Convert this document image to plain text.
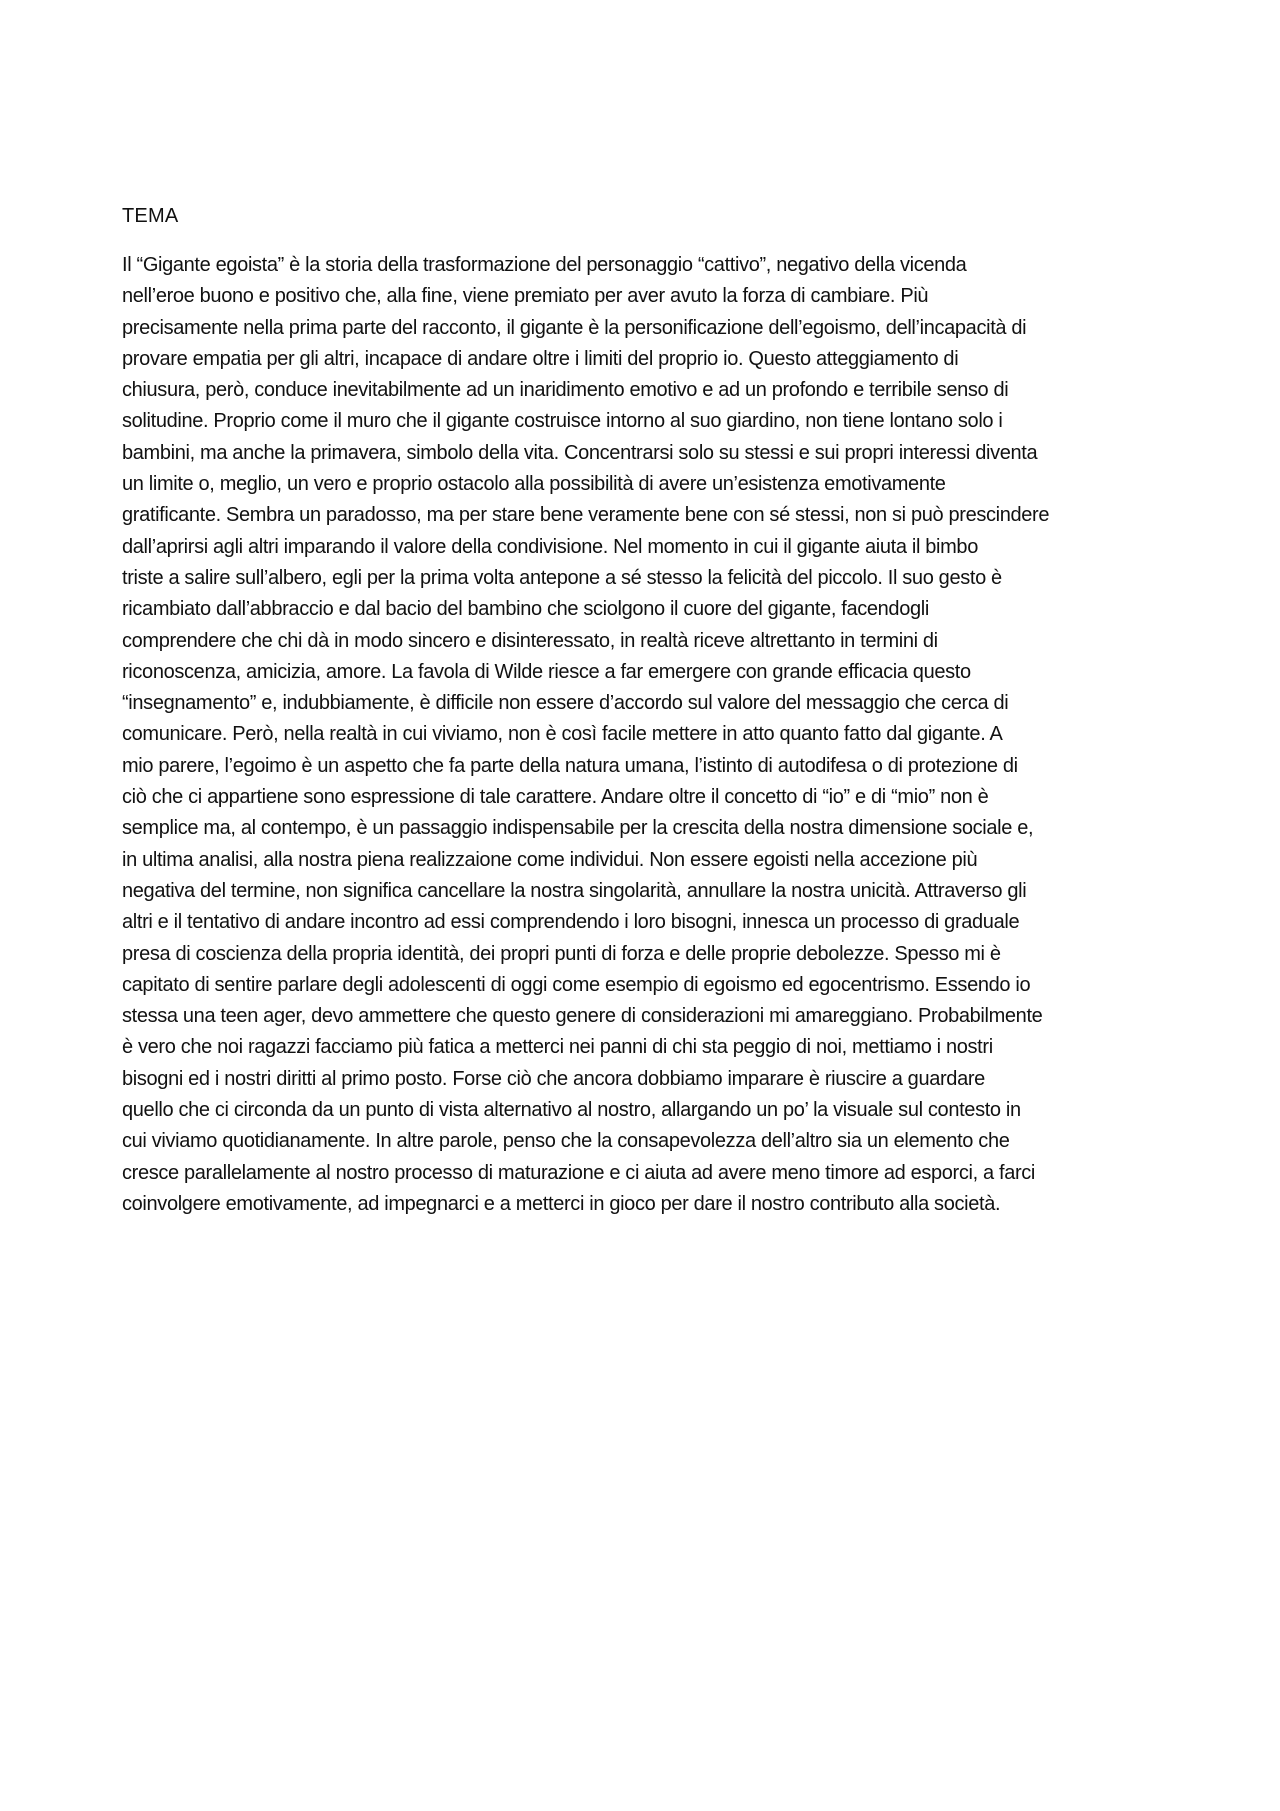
TEMA
Il “Gigante egoista” è la storia della trasformazione del personaggio “cattivo”, negativo della vicenda
nell’eroe buono e positivo che, alla fine, viene premiato per aver avuto la forza di cambiare. Più
precisamente nella prima parte del racconto, il gigante è la personificazione dell’egoismo, dell’incapacità di
provare empatia per gli altri, incapace di andare oltre i limiti del proprio io. Questo atteggiamento di
chiusura, però, conduce inevitabilmente ad un inaridimento emotivo e ad un profondo e terribile senso di
solitudine. Proprio come il muro che il gigante costruisce intorno al suo giardino, non tiene lontano solo i
bambini, ma anche la primavera, simbolo della vita. Concentrarsi solo su stessi e sui propri interessi diventa
un limite o, meglio, un vero e proprio ostacolo alla possibilità di avere un’esistenza emotivamente
gratificante. Sembra un paradosso, ma per stare bene veramente bene con sé stessi, non si può prescindere
dall’aprirsi agli altri imparando il valore della condivisione. Nel momento in cui il gigante aiuta il bimbo
triste a salire sull’albero, egli per la prima volta antepone a sé stesso la felicità del piccolo. Il suo gesto è
ricambiato dall’abbraccio e dal bacio del bambino che sciolgono il cuore del gigante, facendogli
comprendere che chi dà in modo sincero e disinteressato, in realtà riceve altrettanto in termini di
riconoscenza, amicizia, amore. La favola di Wilde riesce a far emergere con grande efficacia questo
“insegnamento” e, indubbiamente, è difficile non essere d’accordo sul valore del messaggio che cerca di
comunicare. Però, nella realtà in cui viviamo, non è così facile mettere in atto quanto fatto dal gigante. A
mio parere, l’egoimo è un aspetto che fa parte della natura umana, l’istinto di autodifesa o di protezione di
ciò che ci appartiene sono espressione di tale carattere. Andare oltre il concetto di “io” e di “mio” non è
semplice ma, al contempo, è un passaggio indispensabile per la crescita della nostra dimensione sociale e,
in ultima analisi, alla nostra piena realizzaione come individui. Non essere egoisti nella accezione più
negativa del termine, non significa cancellare la nostra singolarità, annullare la nostra unicità. Attraverso gli
altri e il tentativo di andare incontro ad essi comprendendo i loro bisogni, innesca un processo di graduale
presa di coscienza della propria identità, dei propri punti di forza e delle proprie debolezze. Spesso mi è
capitato di sentire parlare degli adolescenti di oggi come esempio di egoismo ed egocentrismo. Essendo io
stessa una teen ager, devo ammettere che questo genere di considerazioni mi amareggiano. Probabilmente
è vero che noi ragazzi facciamo più fatica a metterci nei panni di chi sta peggio di noi, mettiamo i nostri
bisogni ed i nostri diritti al primo posto. Forse ciò che ancora dobbiamo imparare è riuscire a guardare
quello che ci circonda da un punto di vista alternativo al nostro, allargando un po’ la visuale sul contesto in
cui viviamo quotidianamente. In altre parole, penso che la consapevolezza dell’altro sia un elemento che
cresce parallelamente al nostro processo di maturazione e ci aiuta ad avere meno timore ad esporci, a farci
coinvolgere emotivamente, ad impegnarci e a metterci in gioco per dare il nostro contributo alla società.
